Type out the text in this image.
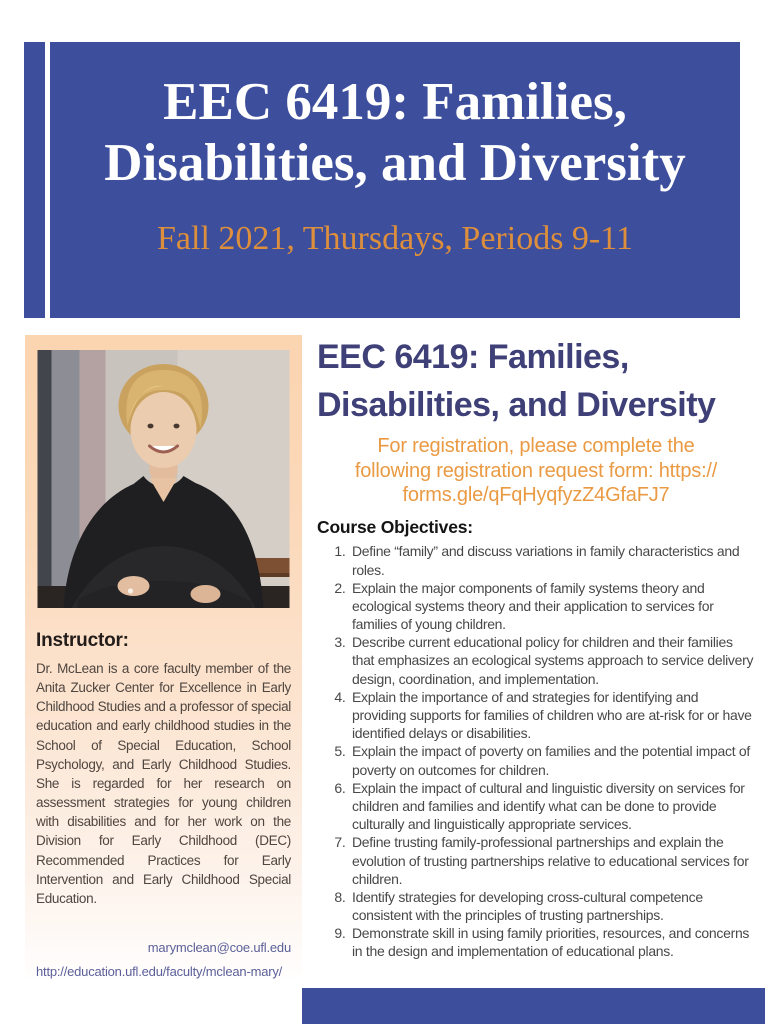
EEC 6419: Families, Disabilities, and Diversity
Fall 2021, Thursdays, Periods 9-11
Instructor:

Dr. McLean is a core faculty member of the Anita Zucker Center for Excellence in Early Childhood Studies and a professor of special education and early childhood studies in the School of Special Education, School Psychology, and Early Childhood Studies. She is regarded for her research on assessment strategies for young children with disabilities and for her work on the Division for Early Childhood (DEC) Recommended Practices for Early Intervention and Early Childhood Special Education.

marymclean@coe.ufl.edu
http://education.ufl.edu/faculty/mclean-mary/
EEC 6419: Families, Disabilities, and Diversity
For registration, please complete the
following registration request form: https://
forms.gle/qFqHyqfyzZ4GfaFJ7
Course Objectives:
1. Define “family” and discuss variations in family characteristics and roles.
2. Explain the major components of family systems theory and ecological systems theory and their application to services for families of young children.
3. Describe current educational policy for children and their families that emphasizes an ecological systems approach to service delivery design, coordination, and implementation.
4. Explain the importance of and strategies for identifying and providing supports for families of children who are at-risk for or have identified delays or disabilities.
5. Explain the impact of poverty on families and the potential impact of poverty on outcomes for children.
6. Explain the impact of cultural and linguistic diversity on services for children and families and identify what can be done to provide culturally and linguistically appropriate services.
7. Define trusting family-professional partnerships and explain the evolution of trusting partnerships relative to educational services for children.
8. Identify strategies for developing cross-cultural competence consistent with the principles of trusting partnerships.
9. Demonstrate skill in using family priorities, resources, and concerns in the design and implementation of educational plans.
